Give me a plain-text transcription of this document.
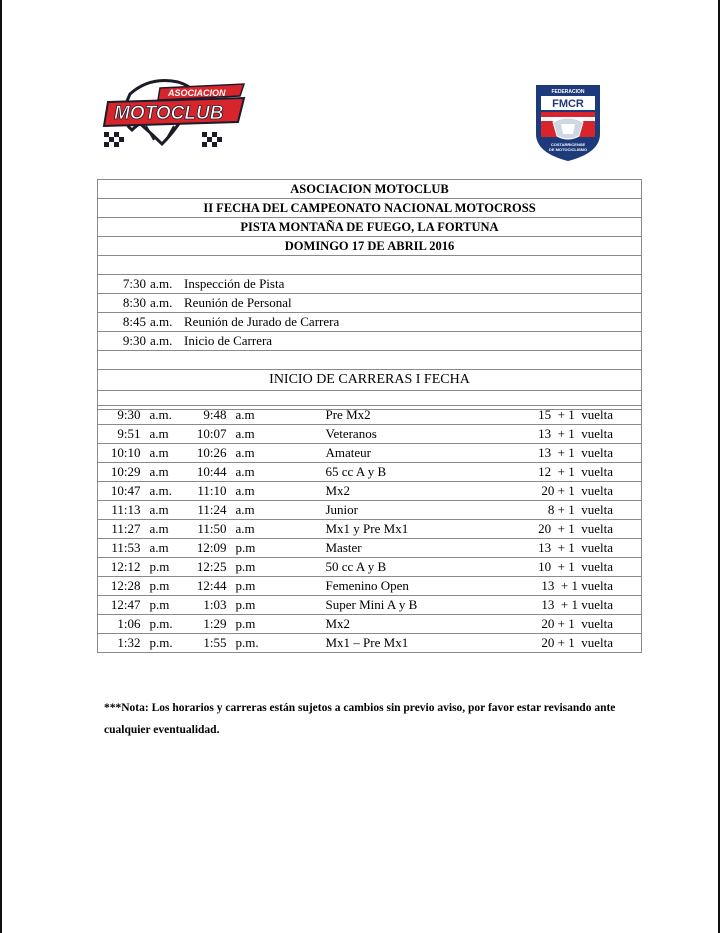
ASOCIACION
MOTOCLUB	FMCR
FEDERACION
COSTARRICENSE
DE MOTOCICLISMO
ASOCIACION MOTOCLUB
II FECHA DEL CAMPEONATO NACIONAL MOTOCROSS
PISTA MONTAÑA DE FUEGO, LA FORTUNA
DOMINGO 17 DE ABRIL 2016

7:30 a.m. Inspección de Pista
8:30 a.m. Reunión de Personal
8:45 a.m. Reunión de Jurado de Carrera
9:30 a.m. Inicio de Carrera

INICIO DE CARRERAS I FECHA

9:30	a.m.	9:48	a.m	Pre Mx2	15  + 1  vuelta
9:51	a.m	10:07	a.m	Veteranos	13  + 1  vuelta
10:10	a.m	10:26	a.m	Amateur	13  + 1  vuelta
10:29	a.m	10:44	a.m	65 cc A y B	12  + 1  vuelta
10:47	a.m.	11:10	a.m	Mx2	20 + 1  vuelta
11:13	a.m	11:24	a.m	Junior	8 + 1  vuelta
11:27	a.m	11:50	a.m	Mx1 y Pre Mx1	20  + 1  vuelta
11:53	a.m	12:09	p.m	Master	13  + 1  vuelta
12:12	p.m	12:25	p.m	50 cc A y B	10  + 1  vuelta
12:28	p.m	12:44	p.m	Femenino Open	13  + 1 vuelta
12:47	p.m	1:03	p.m	Super Mini A y B	13  + 1 vuelta
1:06	p.m.	1:29	p.m	Mx2	20 + 1  vuelta
1:32	p.m.	1:55	p.m.	Mx1 – Pre Mx1	20 + 1  vuelta
***Nota: Los horarios y carreras están sujetos a cambios sin previo aviso, por favor estar revisando ante cualquier eventualidad.
